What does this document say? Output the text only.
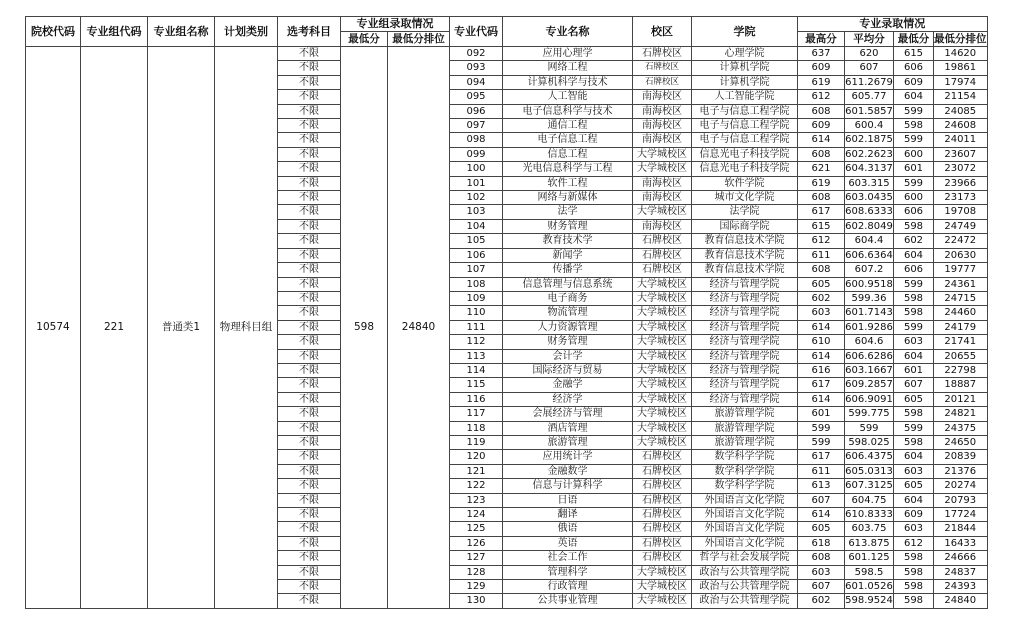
院校代码	专业组代码	专业组名称	计划类别	选考科目	专业组录取情况		专业代码	专业名称	校区	学院	专业录取情况			
					最低分	最低分排位					最高分	平均分	最低分	最低分排位
10574	221	普通类1	物理科目组	不限	598	24840	092	应用心理学	石牌校区	心理学院	637	620	615	14620
				不限			093	网络工程	石牌校区	计算机学院	609	607	606	19861
				不限			094	计算机科学与技术	石牌校区	计算机学院	619	611.2679	609	17974
				不限			095	人工智能	南海校区	人工智能学院	612	605.77	604	21154
				不限			096	电子信息科学与技术	南海校区	电子与信息工程学院	608	601.5857	599	24085
				不限			097	通信工程	南海校区	电子与信息工程学院	609	600.4	598	24608
				不限			098	电子信息工程	南海校区	电子与信息工程学院	614	602.1875	599	24011
				不限			099	信息工程	大学城校区	信息光电子科技学院	608	602.2623	600	23607
				不限			100	光电信息科学与工程	大学城校区	信息光电子科技学院	621	604.3137	601	23072
				不限			101	软件工程	南海校区	软件学院	619	603.315	599	23966
				不限			102	网络与新媒体	南海校区	城市文化学院	608	603.0435	600	23173
				不限			103	法学	大学城校区	法学院	617	608.6333	606	19708
				不限			104	财务管理	南海校区	国际商学院	615	602.8049	598	24749
				不限			105	教育技术学	石牌校区	教育信息技术学院	612	604.4	602	22472
				不限			106	新闻学	石牌校区	教育信息技术学院	611	606.6364	604	20630
				不限			107	传播学	石牌校区	教育信息技术学院	608	607.2	606	19777
				不限			108	信息管理与信息系统	大学城校区	经济与管理学院	605	600.9518	599	24361
				不限			109	电子商务	大学城校区	经济与管理学院	602	599.36	598	24715
				不限			110	物流管理	大学城校区	经济与管理学院	603	601.7143	598	24460
				不限			111	人力资源管理	大学城校区	经济与管理学院	614	601.9286	599	24179
				不限			112	财务管理	大学城校区	经济与管理学院	610	604.6	603	21741
				不限			113	会计学	大学城校区	经济与管理学院	614	606.6286	604	20655
				不限			114	国际经济与贸易	大学城校区	经济与管理学院	616	603.1667	601	22798
				不限			115	金融学	大学城校区	经济与管理学院	617	609.2857	607	18887
				不限			116	经济学	大学城校区	经济与管理学院	614	606.9091	605	20121
				不限			117	会展经济与管理	大学城校区	旅游管理学院	601	599.775	598	24821
				不限			118	酒店管理	大学城校区	旅游管理学院	599	599	599	24375
				不限			119	旅游管理	大学城校区	旅游管理学院	599	598.025	598	24650
				不限			120	应用统计学	石牌校区	数学科学学院	617	606.4375	604	20839
				不限			121	金融数学	石牌校区	数学科学学院	611	605.0313	603	21376
				不限			122	信息与计算科学	石牌校区	数学科学学院	613	607.3125	605	20274
				不限			123	日语	石牌校区	外国语言文化学院	607	604.75	604	20793
				不限			124	翻译	石牌校区	外国语言文化学院	614	610.8333	609	17724
				不限			125	俄语	石牌校区	外国语言文化学院	605	603.75	603	21844
				不限			126	英语	石牌校区	外国语言文化学院	618	613.875	612	16433
				不限			127	社会工作	石牌校区	哲学与社会发展学院	608	601.125	598	24666
				不限			128	管理科学	大学城校区	政治与公共管理学院	603	598.5	598	24837
				不限			129	行政管理	大学城校区	政治与公共管理学院	607	601.0526	598	24393
				不限			130	公共事业管理	大学城校区	政治与公共管理学院	602	598.9524	598	24840
